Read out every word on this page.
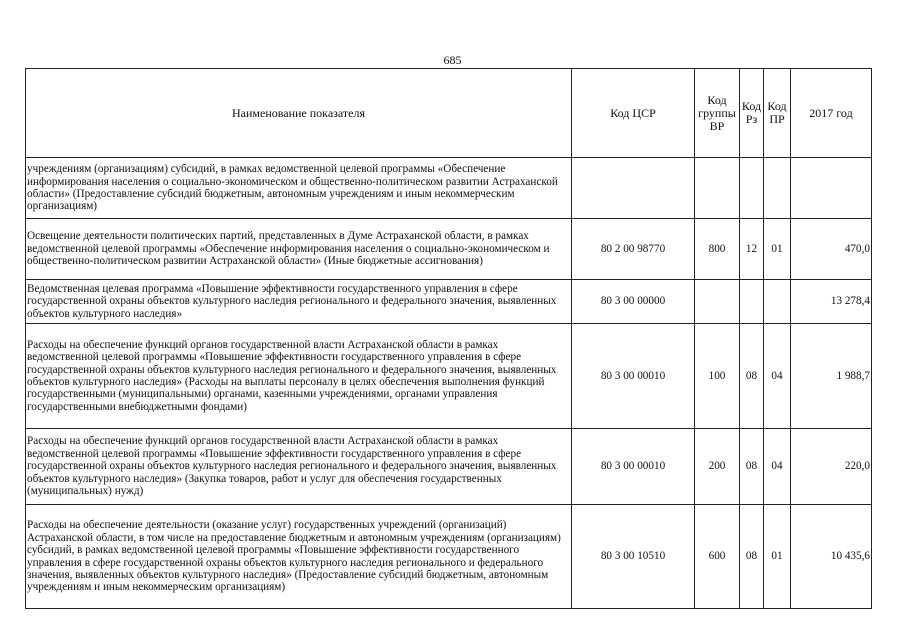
685
Наименование показателя	Код ЦСР	Код группы ВР	Код Рз	Код ПР	2017 год
учреждениям (организациям) субсидий, в рамках ведомственной целевой программы «Обеспечение информирования населения о социально-экономическом и общественно-политическом развитии Астраханской области» (Предоставление субсидий бюджетным, автономным учреждениям и иным некоммерческим организациям)					
Освещение деятельности политических партий, представленных в Думе Астраханской области, в рамках ведомственной целевой программы «Обеспечение информирования населения о социально-экономическом и общественно-политическом развитии Астраханской области» (Иные бюджетные ассигнования)	80 2 00 98770	800	12	01	470,0
Ведомственная целевая программа «Повышение эффективности государственного управления в сфере государственной охраны объектов культурного наследия регионального и федерального значения, выявленных объектов культурного наследия»	80 3 00 00000				13 278,4
Расходы на обеспечение функций органов государственной власти Астраханской области в рамках ведомственной целевой программы «Повышение эффективности государственного управления в сфере государственной охраны объектов культурного наследия регионального и федерального значения, выявленных объектов культурного наследия» (Расходы на выплаты персоналу в целях обеспечения выполнения функций государственными (муниципальными) органами, казенными учреждениями, органами управления государственными внебюджетными фондами)	80 3 00 00010	100	08	04	1 988,7
Расходы на обеспечение функций органов государственной власти Астраханской области в рамках ведомственной целевой программы «Повышение эффективности государственного управления в сфере государственной охраны объектов культурного наследия регионального и федерального значения, выявленных объектов культурного наследия» (Закупка товаров, работ и услуг для обеспечения государственных (муниципальных) нужд)	80 3 00 00010	200	08	04	220,0
Расходы на обеспечение деятельности (оказание услуг) государственных учреждений (организаций) Астраханской области, в том числе на предоставление бюджетным и автономным учреждениям (организациям) субсидий, в рамках ведомственной целевой программы «Повышение эффективности государственного управления в сфере государственной охраны объектов культурного наследия регионального и федерального значения, выявленных объектов культурного наследия» (Предоставление субсидий бюджетным, автономным учреждениям и иным некоммерческим организациям)	80 3 00 10510	600	08	01	10 435,6
